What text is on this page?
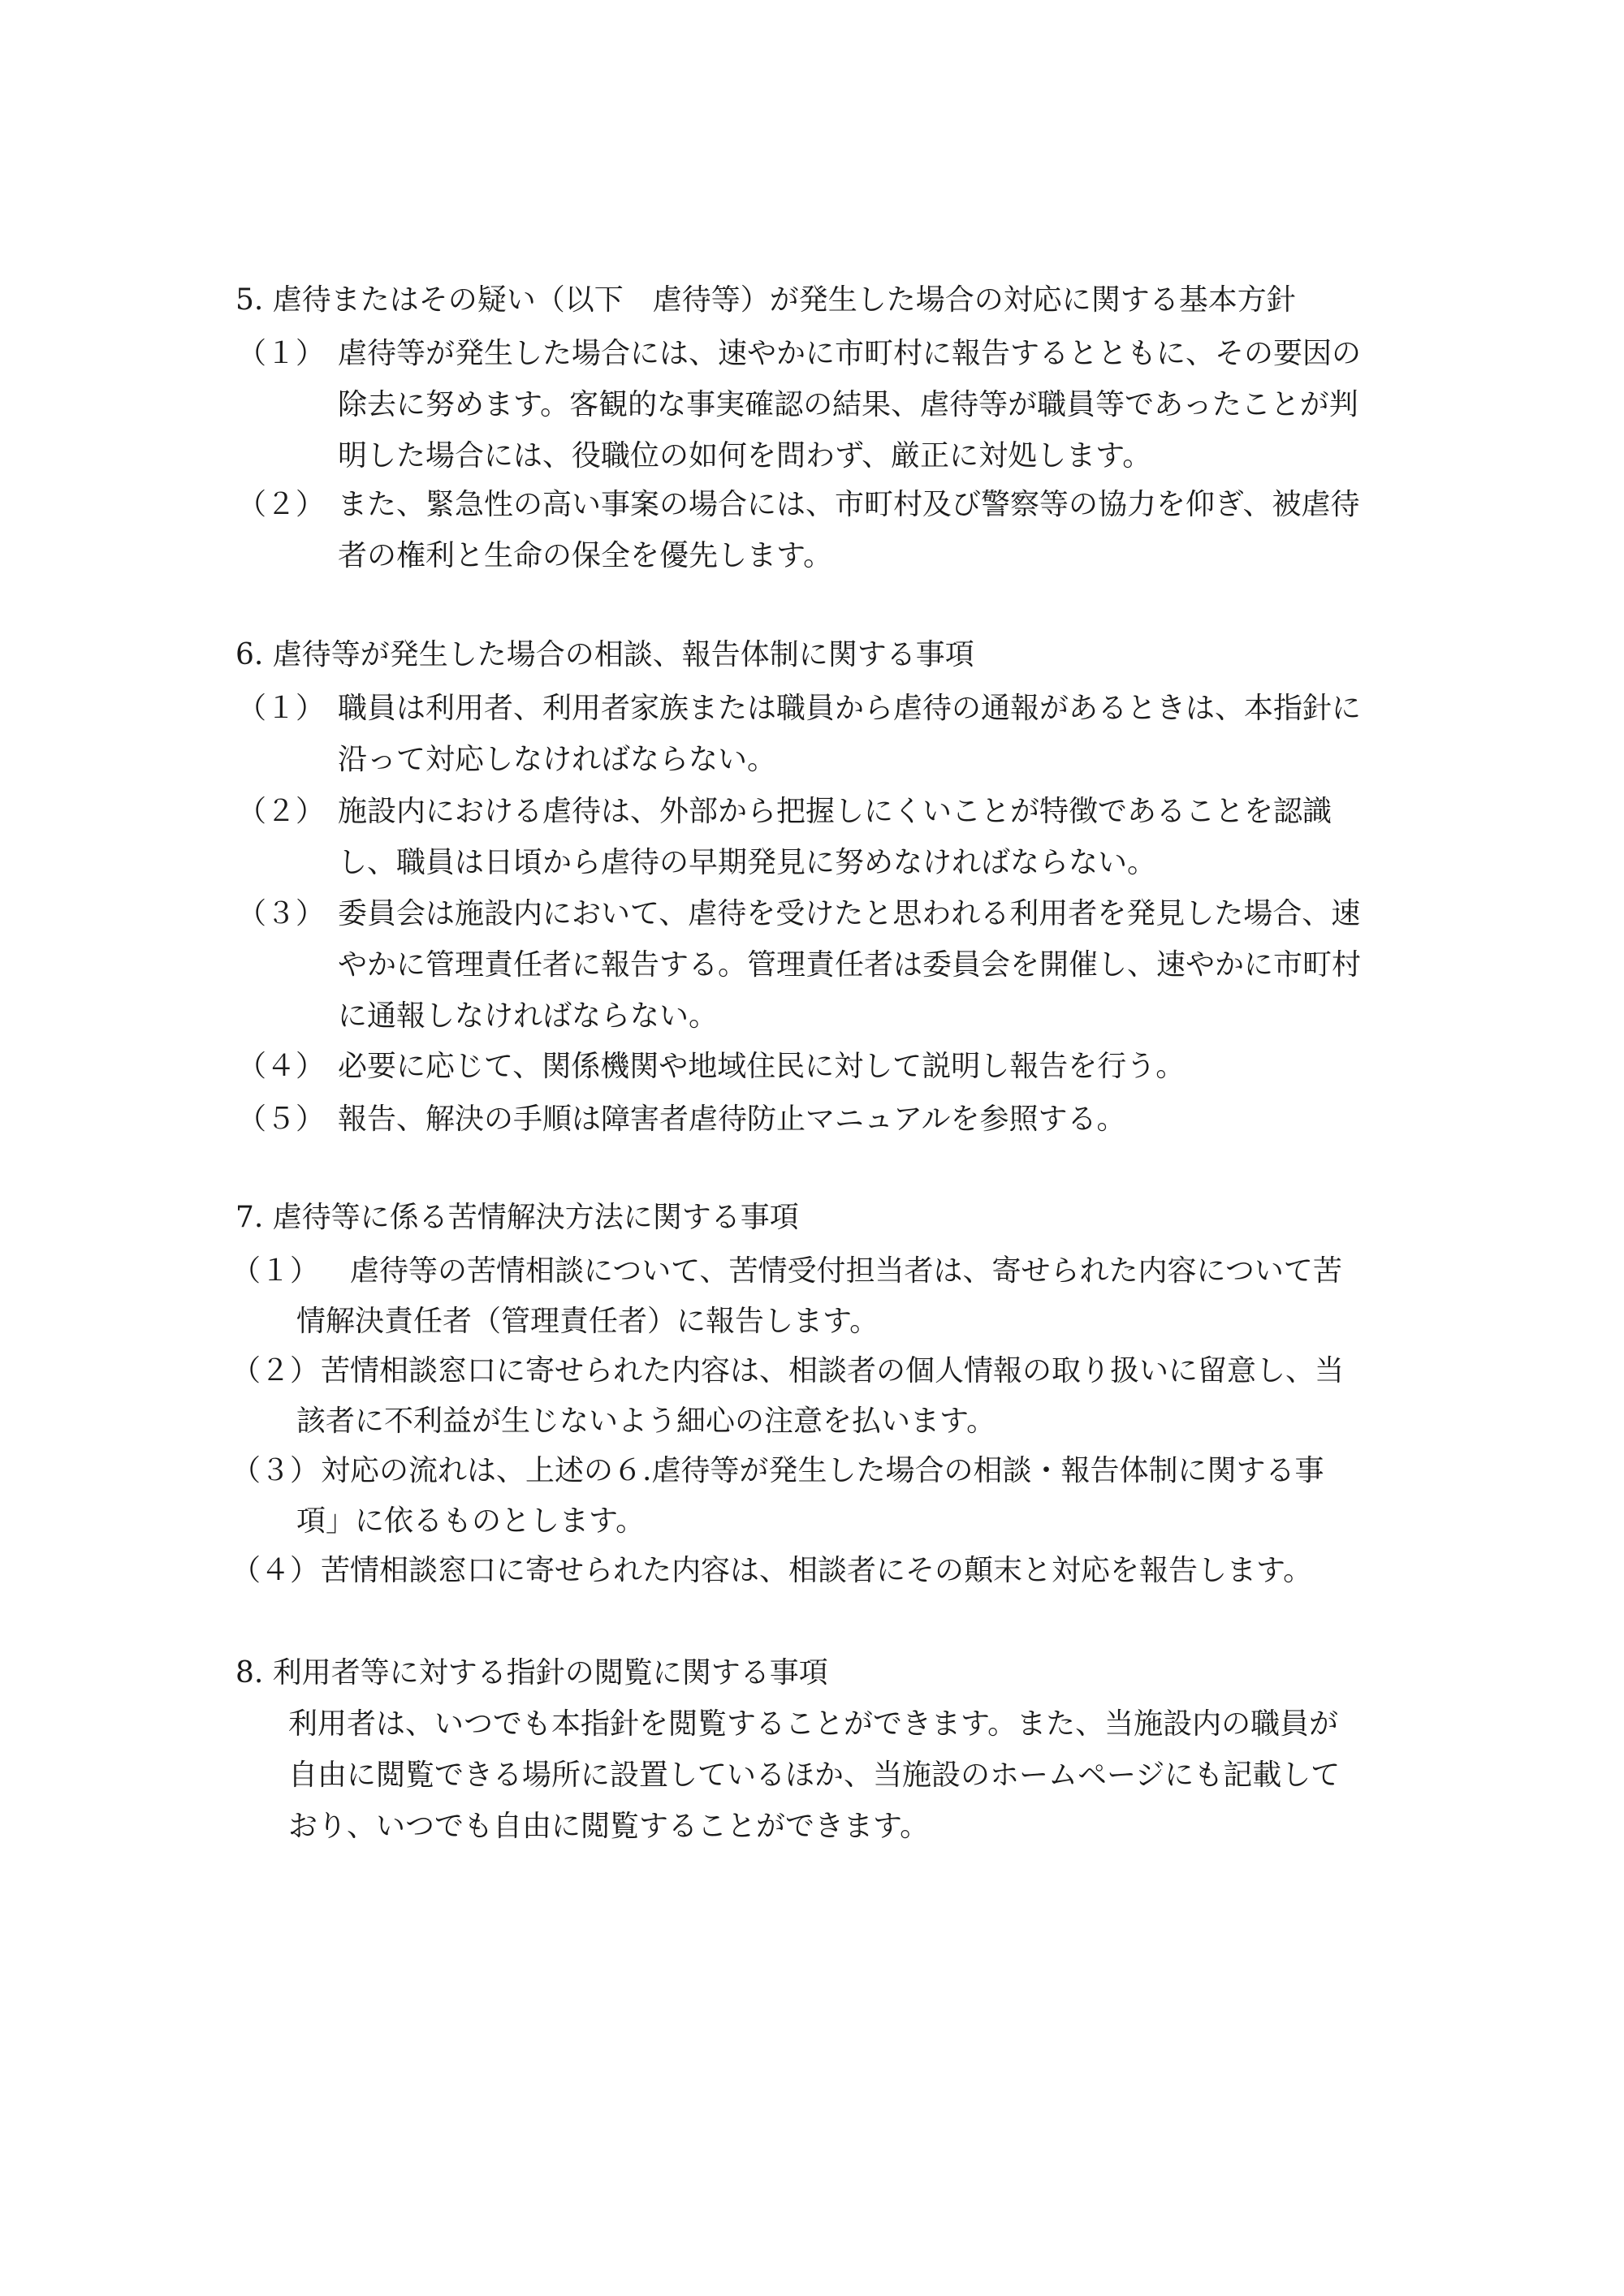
5. 虐待またはその疑い（以下　虐待等）が発生した場合の対応に関する基本方針
（１） 虐待等が発生した場合には、速やかに市町村に報告するとともに、その要因の
除去に努めます。客観的な事実確認の結果、虐待等が職員等であったことが判
明した場合には、役職位の如何を問わず、厳正に対処します。
（２） また、緊急性の高い事案の場合には、市町村及び警察等の協力を仰ぎ、被虐待
者の権利と生命の保全を優先します。
6. 虐待等が発生した場合の相談、報告体制に関する事項
（１） 職員は利用者、利用者家族または職員から虐待の通報があるときは、本指針に
沿って対応しなければならない。
（２） 施設内における虐待は、外部から把握しにくいことが特徴であることを認識
し、職員は日頃から虐待の早期発見に努めなければならない。
（３） 委員会は施設内において、虐待を受けたと思われる利用者を発見した場合、速
やかに管理責任者に報告する。管理責任者は委員会を開催し、速やかに市町村
に通報しなければならない。
（４） 必要に応じて、関係機関や地域住民に対して説明し報告を行う。
（５） 報告、解決の手順は障害者虐待防止マニュアルを参照する。
7. 虐待等に係る苦情解決方法に関する事項
（１） 　虐待等の苦情相談について、苦情受付担当者は、寄せられた内容について苦
情解決責任者（管理責任者）に報告します。
（２） 苦情相談窓口に寄せられた内容は、相談者の個人情報の取り扱いに留意し、当
該者に不利益が生じないよう細心の注意を払います。
（３） 対応の流れは、上述の６.虐待等が発生した場合の相談・報告体制に関する事
項」に依るものとします。
（４） 苦情相談窓口に寄せられた内容は、相談者にその顛末と対応を報告します。
8. 利用者等に対する指針の閲覧に関する事項
利用者は、いつでも本指針を閲覧することができます。また、当施設内の職員が
自由に閲覧できる場所に設置しているほか、当施設のホームページにも記載して
おり、いつでも自由に閲覧することができます。
